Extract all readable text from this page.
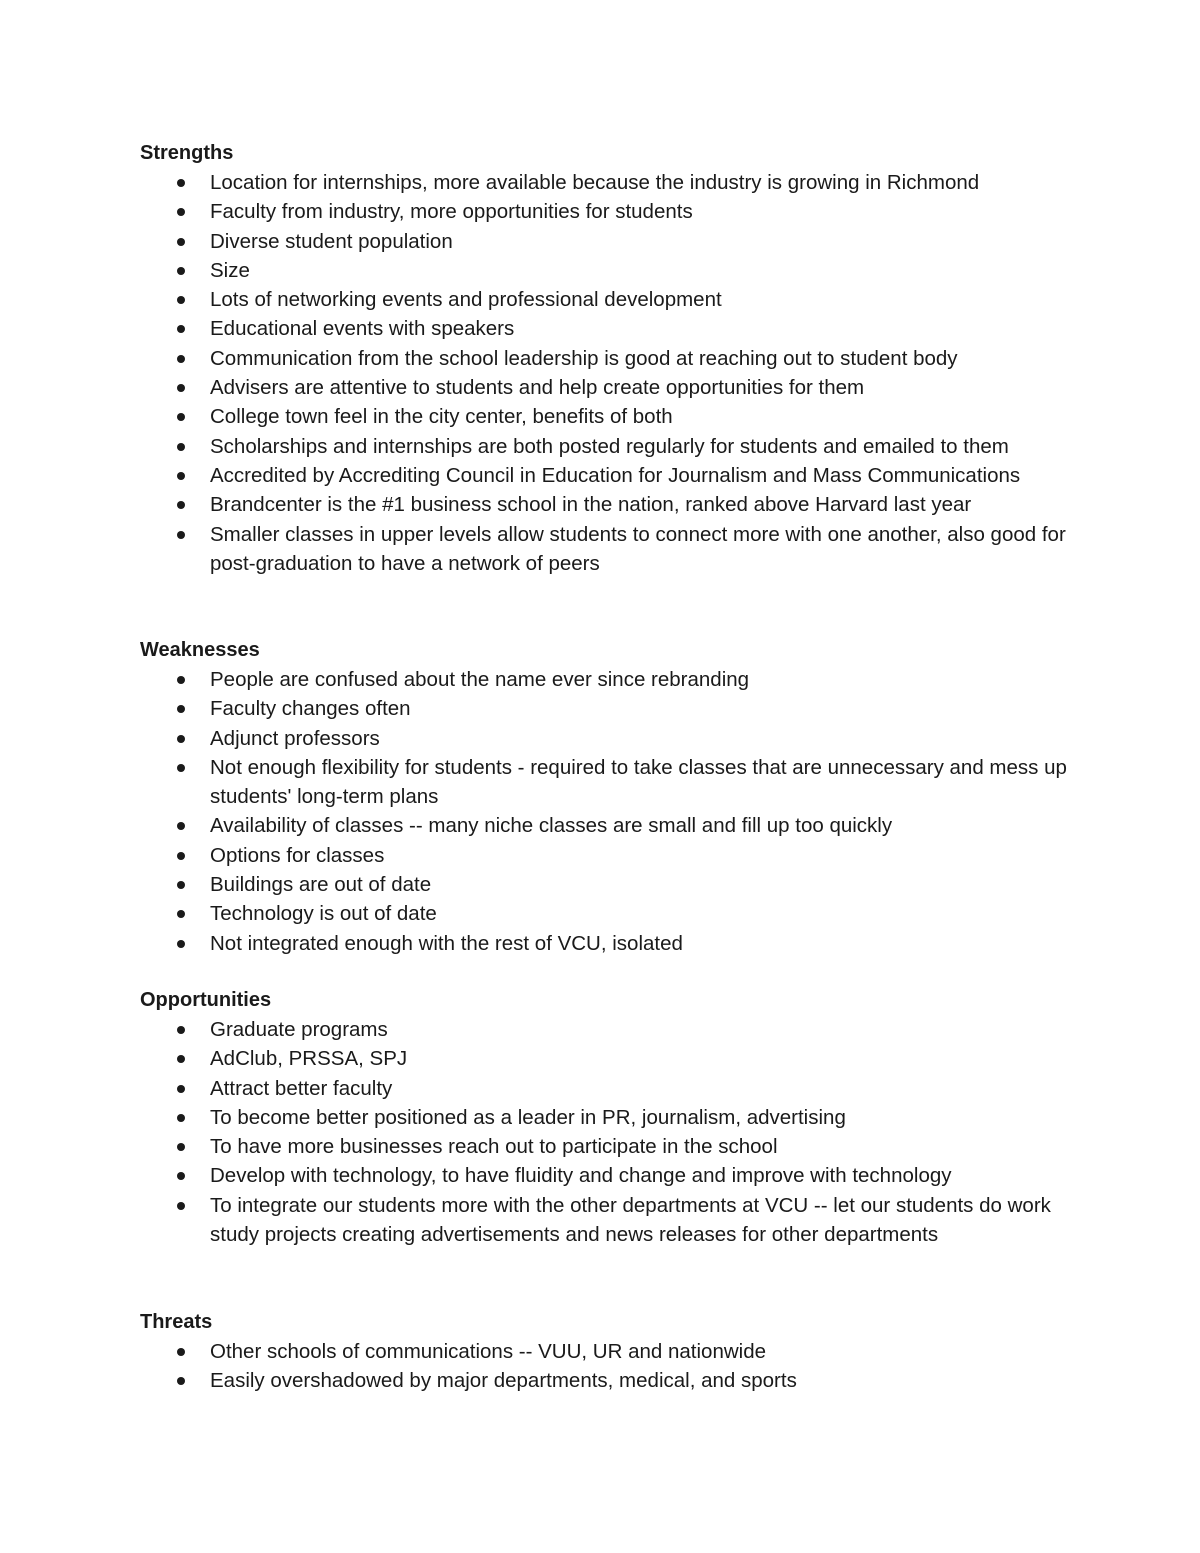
Strengths
Location for internships, more available because the industry is growing in Richmond
Faculty from industry, more opportunities for students
Diverse student population
Size
Lots of networking events and professional development
Educational events with speakers
Communication from the school leadership is good at reaching out to student body
Advisers are attentive to students and help create opportunities for them
College town feel in the city center, benefits of both
Scholarships and internships are both posted regularly for students and emailed to them
Accredited by Accrediting Council in Education for Journalism and Mass Communications
Brandcenter is the #1 business school in the nation, ranked above Harvard last year
Smaller classes in upper levels allow students to connect more with one another, also good for post-graduation to have a network of peers
Weaknesses
People are confused about the name ever since rebranding
Faculty changes often
Adjunct professors
Not enough flexibility for students - required to take classes that are unnecessary and mess up students' long-term plans
Availability of classes -- many niche classes are small and fill up too quickly
Options for classes
Buildings are out of date
Technology is out of date
Not integrated enough with the rest of VCU, isolated
Opportunities
Graduate programs
AdClub, PRSSA, SPJ
Attract better faculty
To become better positioned as a leader in PR, journalism, advertising
To have more businesses reach out to participate in the school
Develop with technology, to have fluidity and change and improve with technology
To integrate our students more with the other departments at VCU -- let our students do work study projects creating advertisements and news releases for other departments
Threats
Other schools of communications -- VUU, UR and nationwide
Easily overshadowed by major departments, medical, and sports
